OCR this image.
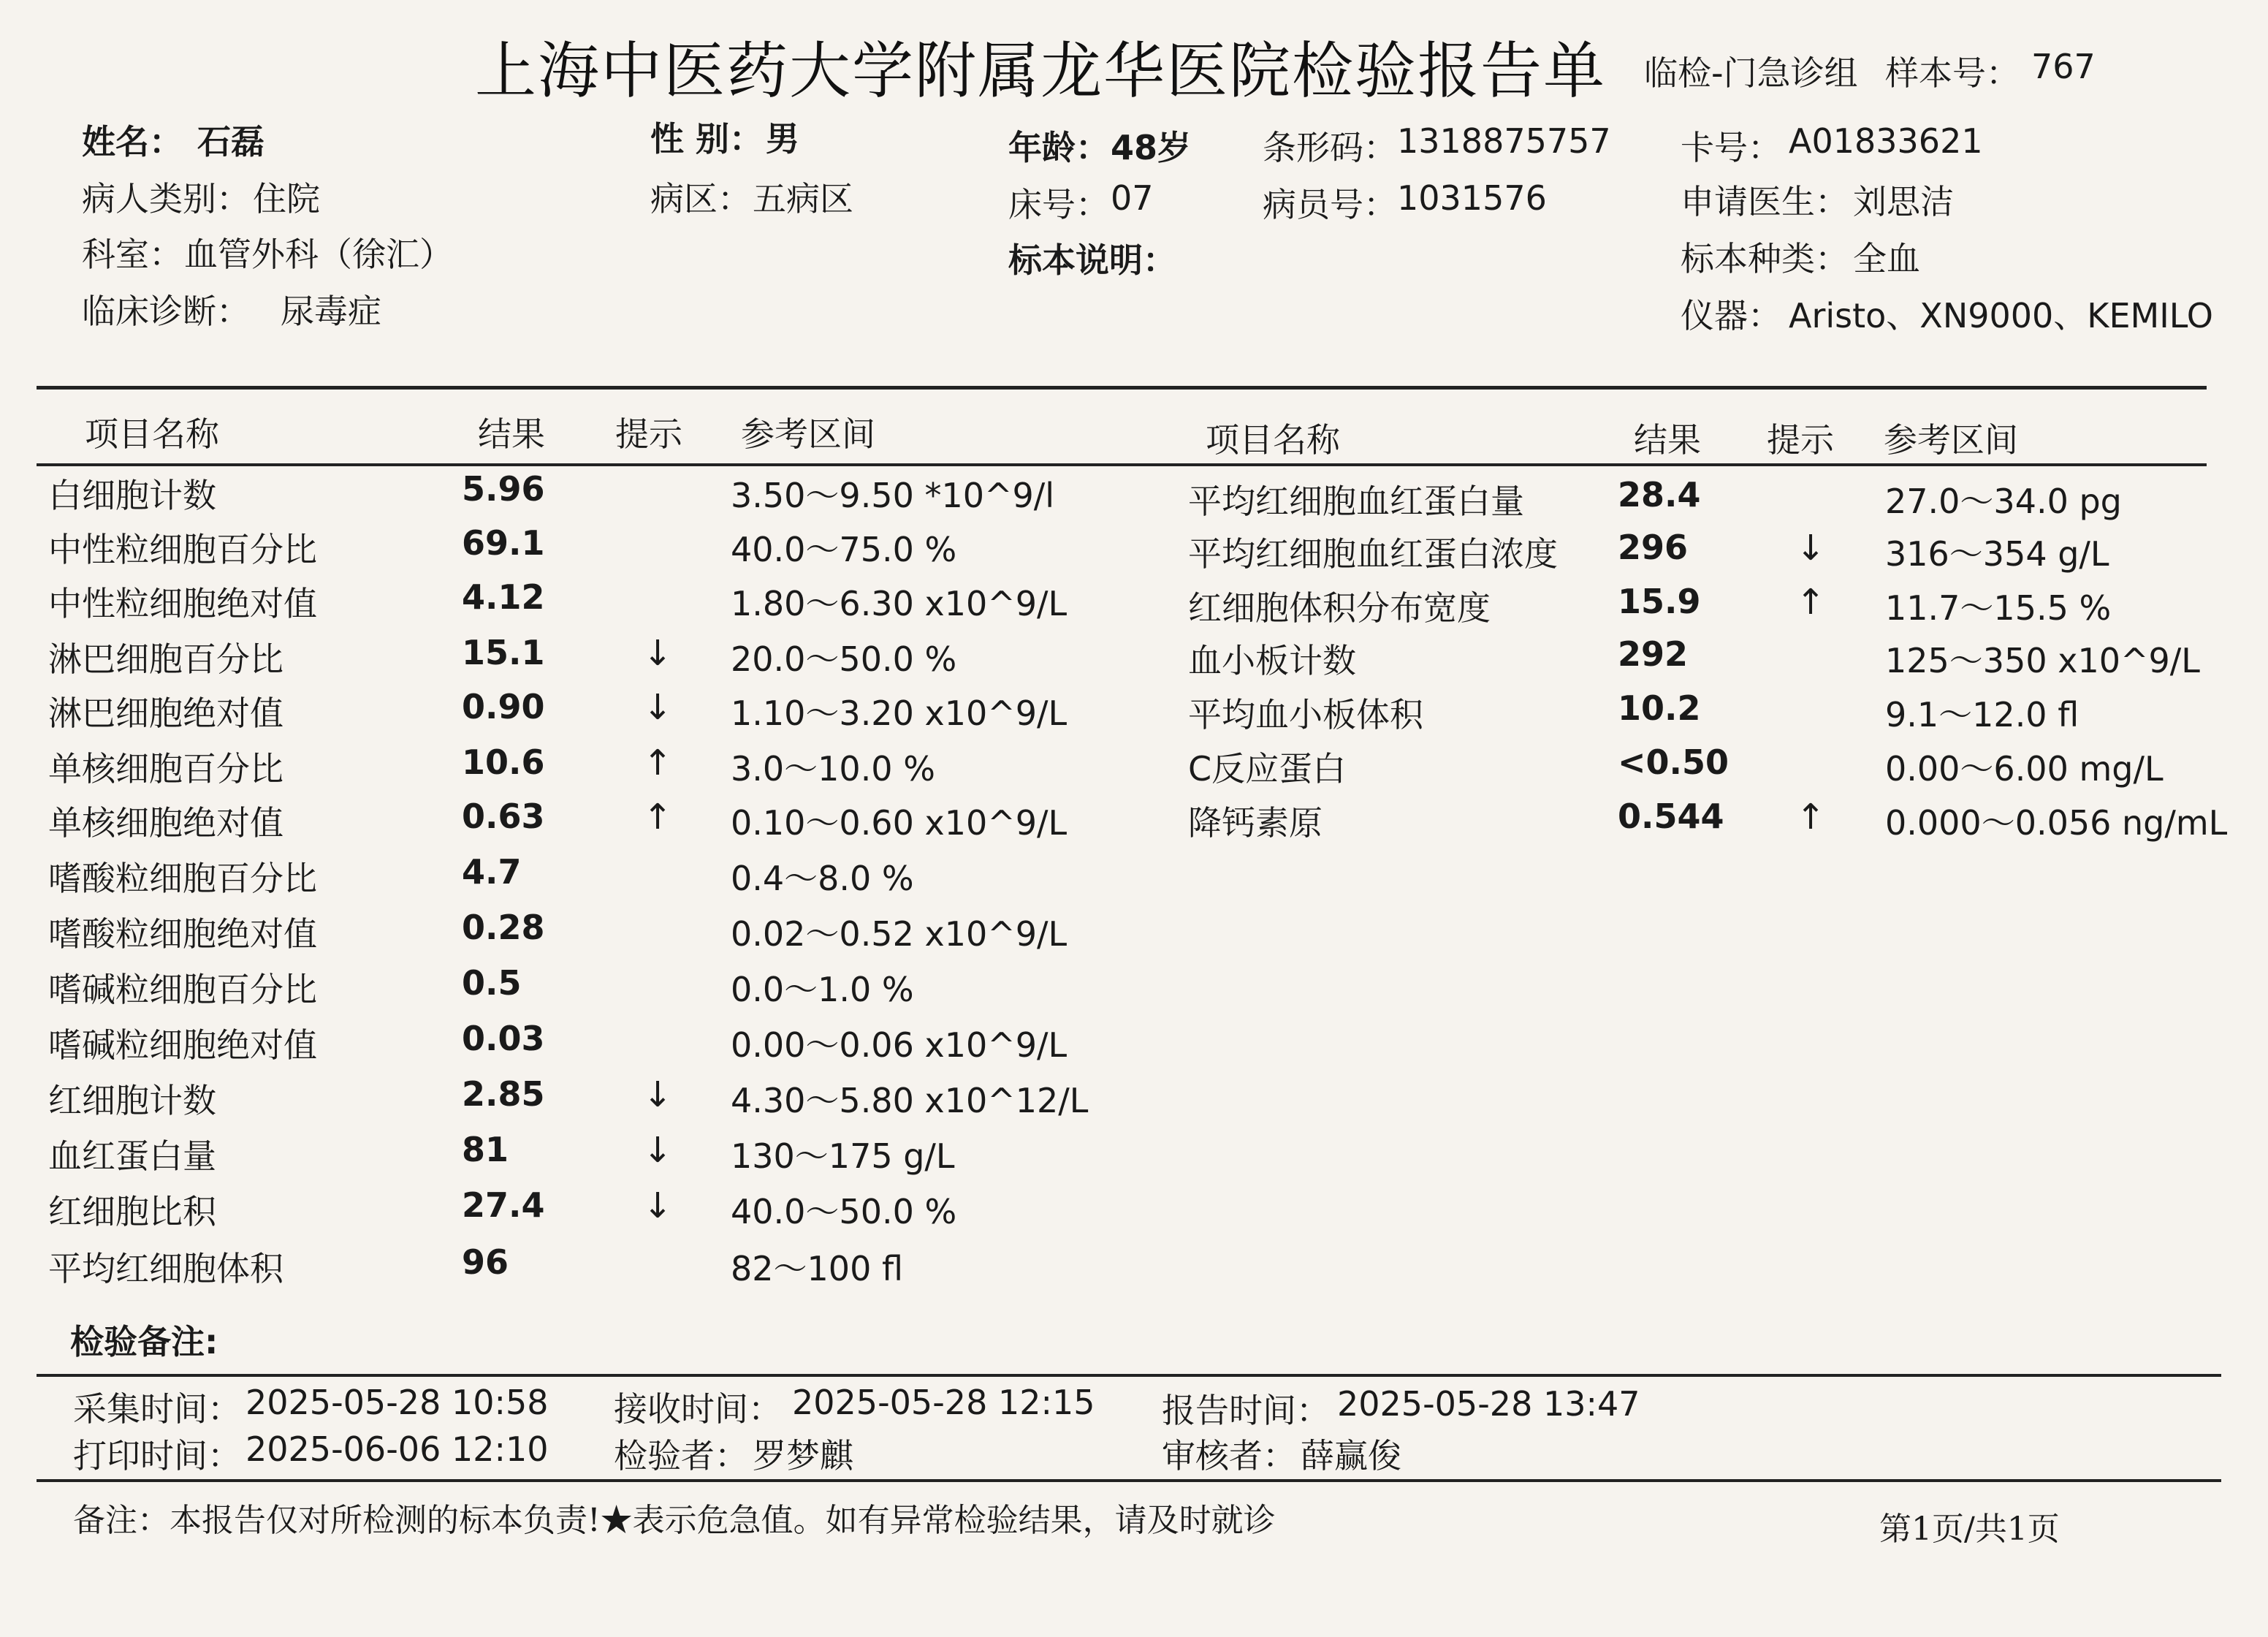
上海中医药大学附属龙华医院检验报告单 临检-门急诊组 样本号： 767
姓名： 石磊	性 别： 男	年龄： 48岁 条形码： 1318875757 卡号： A01833621
病人类别： 住院	病区： 五病区	床号： 07	病员号： 1031576	申请医生： 刘思洁
科室： 血管外科（徐汇）	标本说明：	标本种类： 全血
临床诊断： 尿毒症	仪器： Aristo、XN9000、KEMILO
项目名称	结果 提示 参考区间	项目名称	结果 提示 参考区间
白细胞计数	5.96	3.50～9.50 *10^9/l
中性粒细胞百分比	69.1	40.0～75.0 %
中性粒细胞绝对值	4.12	1.80～6.30 x10^9/L
淋巴细胞百分比	15.1	↓ 20.0～50.0 %
淋巴细胞绝对值	0.90	↓ 1.10～3.20 x10^9/L
单核细胞百分比	10.6	↑ 3.0～10.0 %
单核细胞绝对值	0.63	↑ 0.10～0.60 x10^9/L
嗜酸粒细胞百分比	4.7	0.4～8.0 %
嗜酸粒细胞绝对值	0.28	0.02～0.52 x10^9/L
嗜碱粒细胞百分比	0.5	0.0～1.0 %
嗜碱粒细胞绝对值	0.03	0.00～0.06 x10^9/L
红细胞计数	2.85	↓ 4.30～5.80 x10^12/L
血红蛋白量	81	↓ 130～175 g/L
红细胞比积	27.4	↓ 40.0～50.0 %
平均红细胞体积	96	82～100 fl
平均红细胞血红蛋白量	28.4	27.0～34.0 pg
平均红细胞血红蛋白浓度 296	↓ 316～354 g/L
红细胞体积分布宽度	15.9	↑ 11.7～15.5 %
血小板计数	292	125～350 x10^9/L
平均血小板体积	10.2	9.1～12.0 fl
C反应蛋白	<0.50	0.00～6.00 mg/L
降钙素原	0.544 ↑ 0.000～0.056 ng/mL
检验备注:
采集时间： 2025-05-28 10:58 接收时间： 2025-05-28 12:15 报告时间： 2025-05-28 13:47
打印时间： 2025-06-06 12:10 检验者： 罗梦麒	审核者： 薛赢俊
备注：本报告仅对所检测的标本负责!★表示危急值。如有异常检验结果，请及时就诊	第1页/共1页
